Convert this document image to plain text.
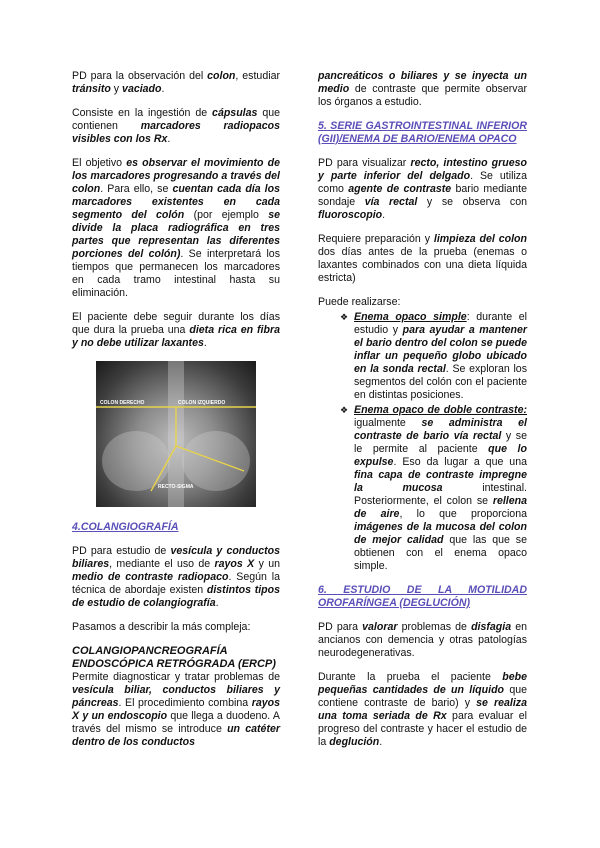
PD para la observación del colon, estudiar tránsito y vaciado.

Consiste en la ingestión de cápsulas que contienen marcadores radiopacos visibles con los Rx.

El objetivo es observar el movimiento de los marcadores progresando a través del colon. Para ello, se cuentan cada día los marcadores existentes en cada segmento del colón (por ejemplo se divide la placa radiográfica en tres partes que representan las diferentes porciones del colón). Se interpretará los tiempos que permanecen los marcadores en cada tramo intestinal hasta su eliminación.

El paciente debe seguir durante los días que dura la prueba una dieta rica en fibra y no debe utilizar laxantes.

COLON DERECHO	COLON IZQUIERDO
RECTO-SIGMA

4.COLANGIOGRAFÍA

PD para estudio de vesícula y conductos biliares, mediante el uso de rayos X y un medio de contraste radiopaco. Según la técnica de abordaje existen distintos tipos de estudio de colangiografía.

Pasamos a describir la más compleja:

COLANGIOPANCREOGRAFÍA ENDOSCÓPICA RETRÓGRADA (ERCP)

Permite diagnosticar y tratar problemas de vesícula biliar, conductos biliares y páncreas. El procedimiento combina rayos X y un endoscopio que llega a duodeno. A través del mismo se introduce un catéter dentro de los conductos

pancreáticos o biliares y se inyecta un medio de contraste que permite observar los órganos a estudio.

5. SERIE GASTROINTESTINAL INFERIOR (GII)/ENEMA DE BARIO/ENEMA OPACO

PD para visualizar recto, intestino grueso y parte inferior del delgado. Se utiliza como agente de contraste bario mediante sondaje vía rectal y se observa con fluoroscopio.

Requiere preparación y limpieza del colon dos días antes de la prueba (enemas o laxantes combinados con una dieta líquida estricta)

Puede realizarse:

❖ Enema opaco simple: durante el estudio y para ayudar a mantener el bario dentro del colon se puede inflar un pequeño globo ubicado en la sonda rectal. Se exploran los segmentos del colón con el paciente en distintas posiciones.
❖ Enema opaco de doble contraste: igualmente se administra el contraste de bario vía rectal y se le permite al paciente que lo expulse. Eso da lugar a que una fina capa de contraste impregne la mucosa intestinal. Posteriormente, el colon se rellena de aire, lo que proporciona imágenes de la mucosa del colon de mejor calidad que las que se obtienen con el enema opaco simple.

6. ESTUDIO DE LA MOTILIDAD OROFARÍNGEA (DEGLUCIÓN)

PD para valorar problemas de disfagia en ancianos con demencia y otras patologías neurodegenerativas.

Durante la prueba el paciente bebe pequeñas cantidades de un líquido que contiene contraste de bario) y se realiza una toma seriada de Rx para evaluar el progreso del contraste y hacer el estudio de la deglución.
